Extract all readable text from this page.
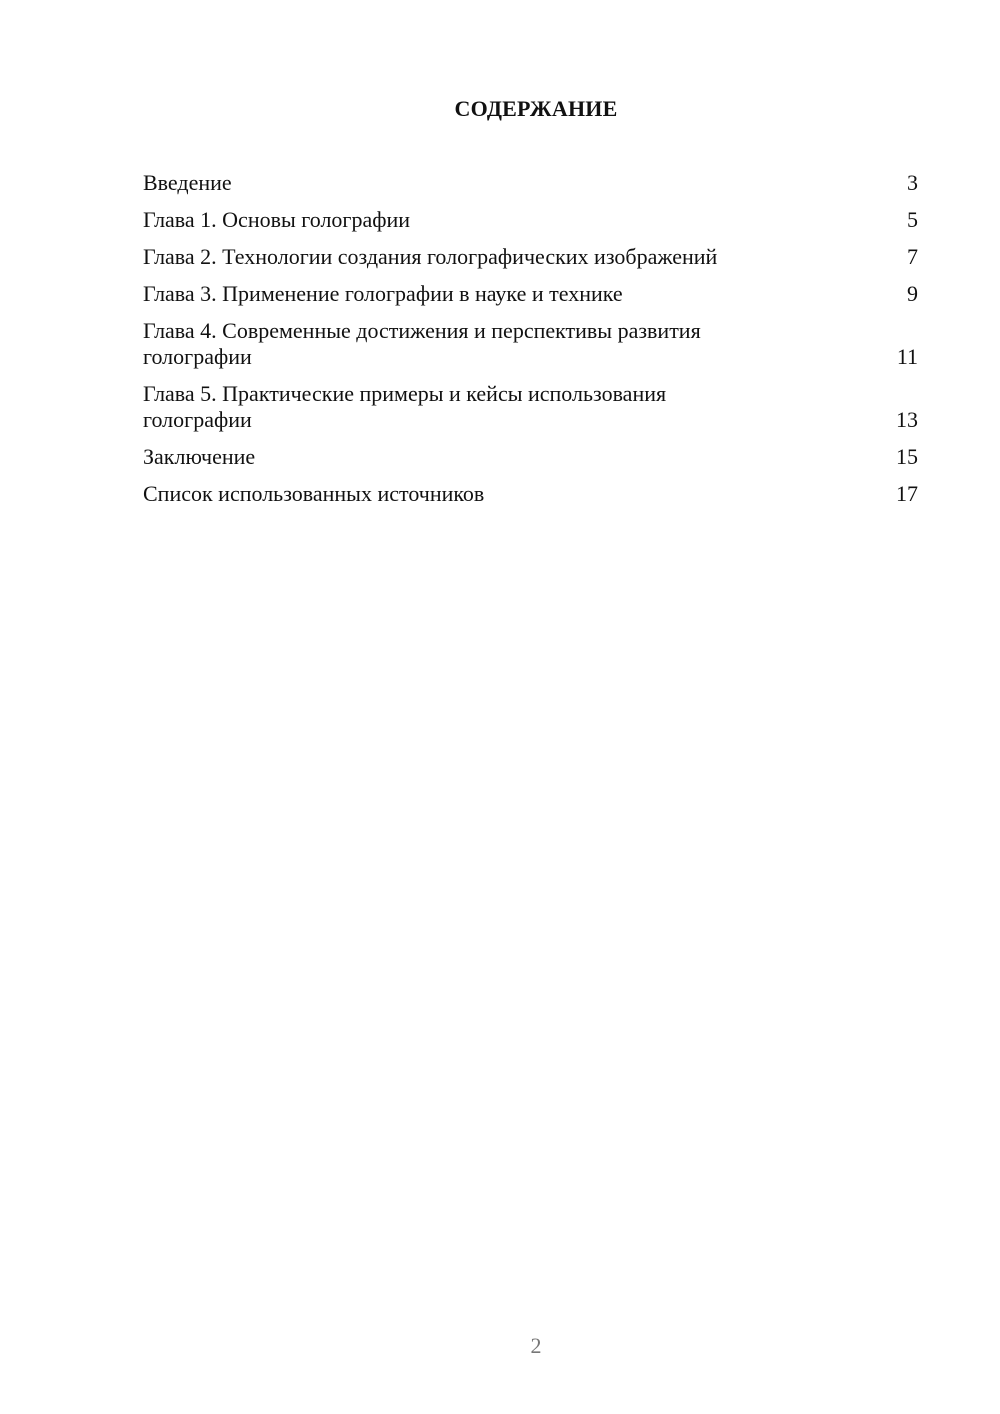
СОДЕРЖАНИЕ
Введение	3
Глава 1. Основы голографии	5
Глава 2. Технологии создания голографических изображений	7
Глава 3. Применение голографии в науке и технике	9
Глава 4. Современные достижения и перспективы развития голографии	11
Глава 5. Практические примеры и кейсы использования голографии	13
Заключение	15
Список использованных источников	17
2
